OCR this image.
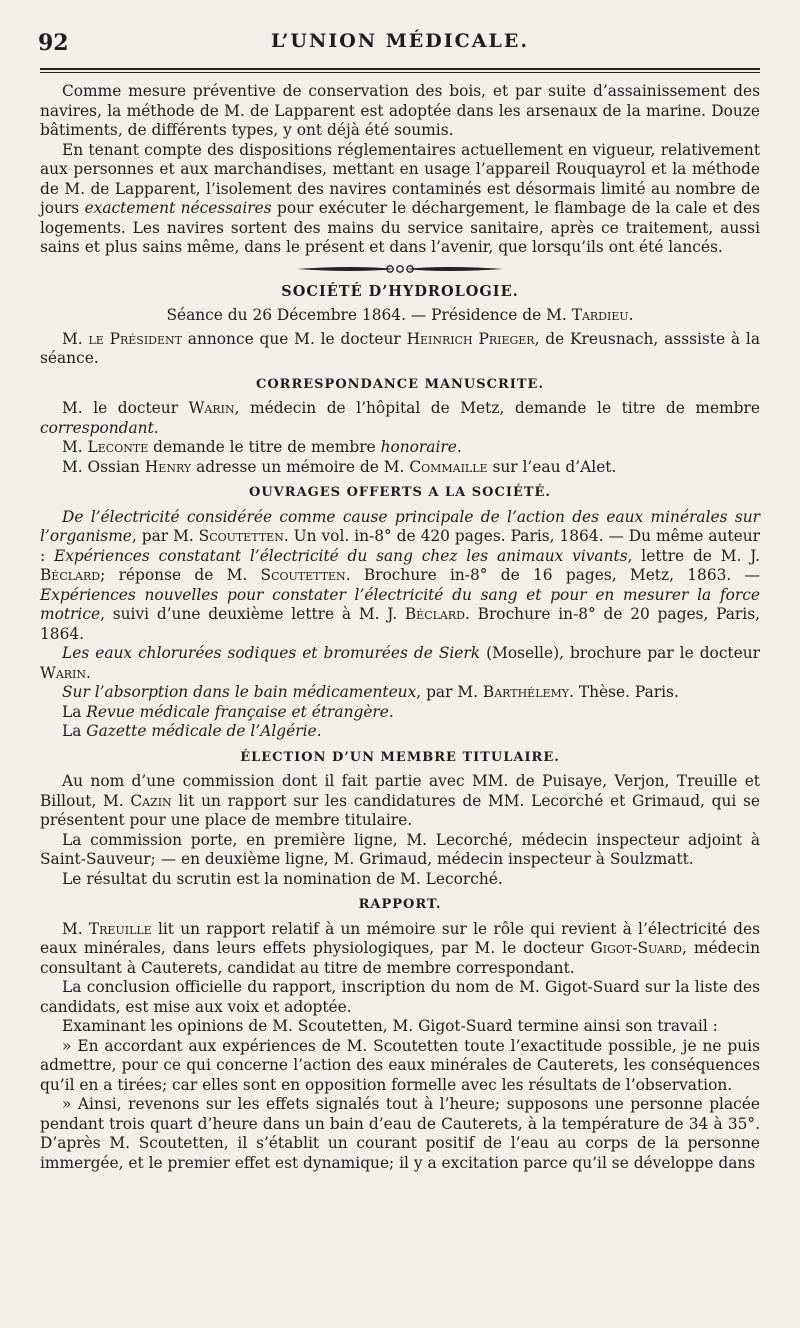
92	L’UNION MÉDICALE.

Comme mesure préventive de conservation des bois, et par suite d’assainissement des navires, la méthode de M. de Lapparent est adoptée dans les arsenaux de la marine. Douze bâtiments, de différents types, y ont déjà été soumis.

En tenant compte des dispositions réglementaires actuellement en vigueur, relativement aux personnes et aux marchandises, mettant en usage l’appareil Rouquayrol et la méthode de M. de Lapparent, l’isolement des navires contaminés est désormais limité au nombre de jours exactement nécessaires pour exécuter le déchargement, le flambage de la cale et des logements. Les navires sortent des mains du service sanitaire, après ce traitement, aussi sains et plus sains même, dans le présent et dans l’avenir, que lorsqu’ils ont été lancés.

SOCIÉTÉ D’HYDROLOGIE.

Séance du 26 Décembre 1864. — Présidence de M. Tardieu.

M. le Président annonce que M. le docteur Heinrich Prieger, de Kreusnach, asssiste à la séance.

CORRESPONDANCE MANUSCRITE.

M. le docteur Warin, médecin de l’hôpital de Metz, demande le titre de membre correspondant.

M. Leconte demande le titre de membre honoraire.

M. Ossian Henry adresse un mémoire de M. Commaille sur l’eau d’Alet.

OUVRAGES OFFERTS A LA SOCIÉTÉ.

De l’électricité considérée comme cause principale de l’action des eaux minérales sur l’organisme, par M. Scoutetten. Un vol. in-8° de 420 pages. Paris, 1864. — Du même auteur : Expériences constatant l’électricité du sang chez les animaux vivants, lettre de M. J. Béclard; réponse de M. Scoutetten. Brochure in-8° de 16 pages, Metz, 1863. — Expériences nouvelles pour constater l’électricité du sang et pour en mesurer la force motrice, suivi d’une deuxième lettre à M. J. Béclard. Brochure in-8° de 20 pages, Paris, 1864.

Les eaux chlorurées sodiques et bromurées de Sierk (Moselle), brochure par le docteur Warin.

Sur l’absorption dans le bain médicamenteux, par M. Barthélemy. Thèse. Paris.

La Revue médicale française et étrangère.

La Gazette médicale de l’Algérie.

ÉLECTION D’UN MEMBRE TITULAIRE.

Au nom d’une commission dont il fait partie avec MM. de Puisaye, Verjon, Treuille et Billout, M. Cazin lit un rapport sur les candidatures de MM. Lecorché et Grimaud, qui se présentent pour une place de membre titulaire.

La commission porte, en première ligne, M. Lecorché, médecin inspecteur adjoint à Saint-Sauveur; — en deuxième ligne, M. Grimaud, médecin inspecteur à Soulzmatt.

Le résultat du scrutin est la nomination de M. Lecorché.

RAPPORT.

M. Treuille lit un rapport relatif à un mémoire sur le rôle qui revient à l’électricité des eaux minérales, dans leurs effets physiologiques, par M. le docteur Gigot-Suard, médecin consultant à Cauterets, candidat au titre de membre correspondant.

La conclusion officielle du rapport, inscription du nom de M. Gigot-Suard sur la liste des candidats, est mise aux voix et adoptée.

Examinant les opinions de M. Scoutetten, M. Gigot-Suard termine ainsi son travail :

» En accordant aux expériences de M. Scoutetten toute l’exactitude possible, je ne puis admettre, pour ce qui concerne l’action des eaux minérales de Cauterets, les conséquences qu’il en a tirées; car elles sont en opposition formelle avec les résultats de l’observation.

» Ainsi, revenons sur les effets signalés tout à l’heure; supposons une personne placée pendant trois quart d’heure dans un bain d’eau de Cauterets, à la température de 34 à 35°. D’après M. Scoutetten, il s’établit un courant positif de l’eau au corps de la personne immergée, et le premier effet est dynamique; il y a excitation parce qu’il se développe dans
